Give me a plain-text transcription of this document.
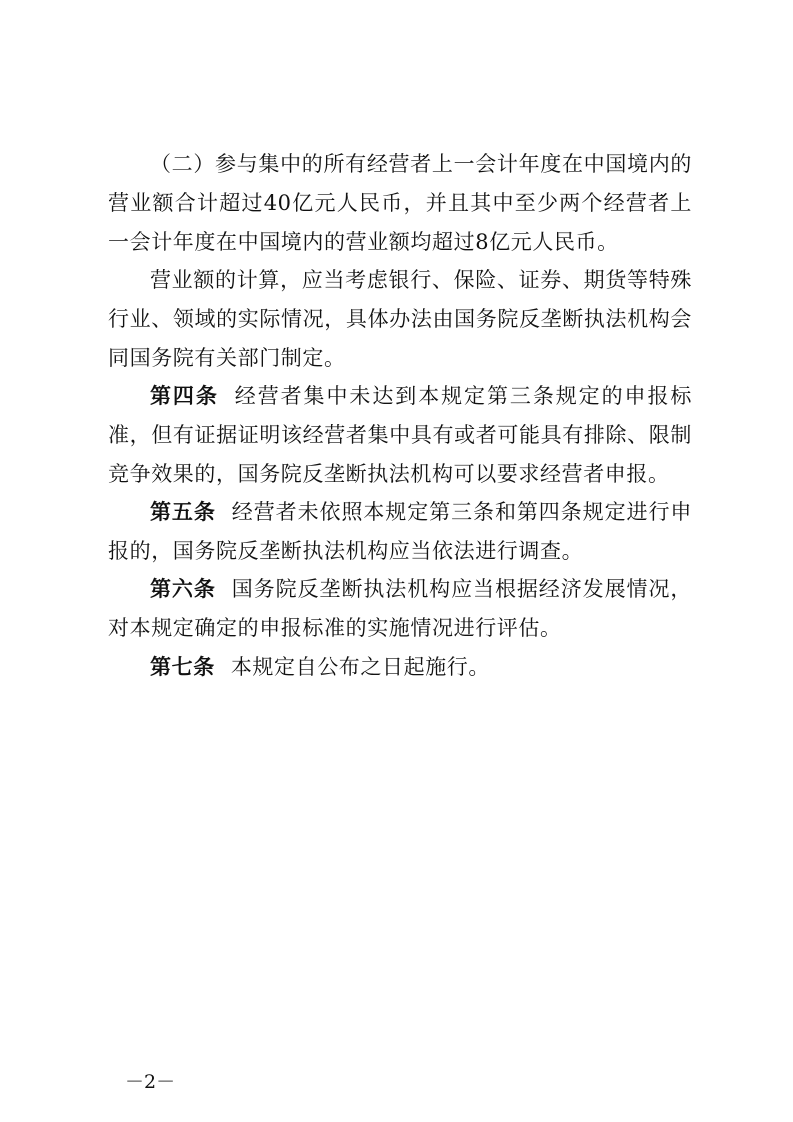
（二）参与集中的所有经营者上一会计年度在中国境内的营业额合计超过40亿元人民币，并且其中至少两个经营者上一会计年度在中国境内的营业额均超过8亿元人民币。

营业额的计算，应当考虑银行、保险、证券、期货等特殊行业、领域的实际情况，具体办法由国务院反垄断执法机构会同国务院有关部门制定。

第四条 经营者集中未达到本规定第三条规定的申报标准，但有证据证明该经营者集中具有或者可能具有排除、限制竞争效果的，国务院反垄断执法机构可以要求经营者申报。

第五条 经营者未依照本规定第三条和第四条规定进行申报的，国务院反垄断执法机构应当依法进行调查。

第六条 国务院反垄断执法机构应当根据经济发展情况，对本规定确定的申报标准的实施情况进行评估。

第七条 本规定自公布之日起施行。

－2－
